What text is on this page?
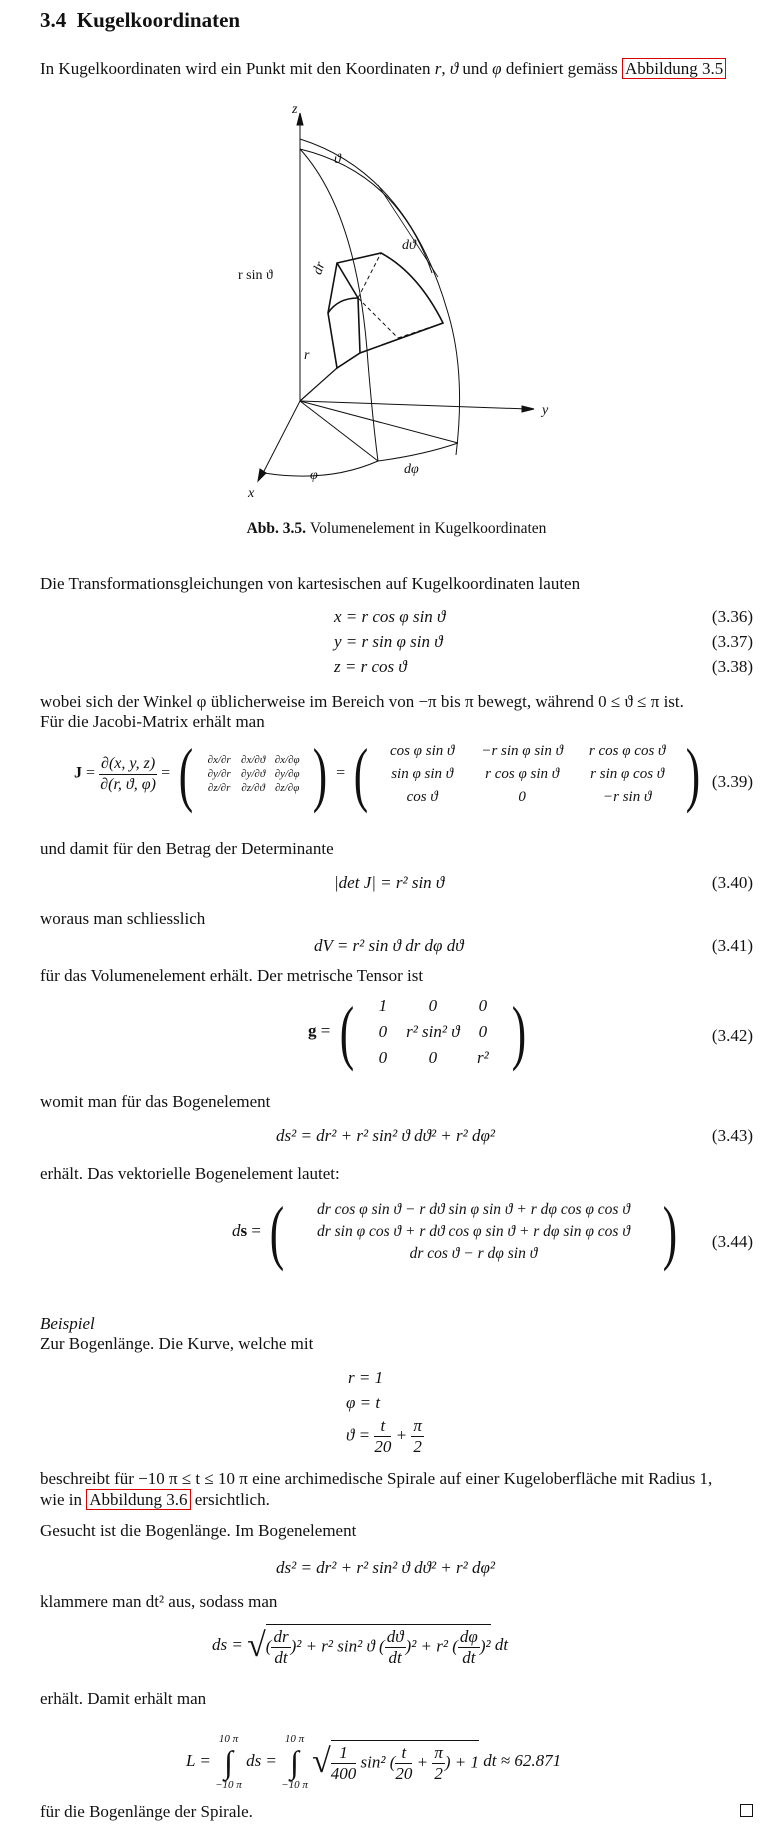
3.4 Kugelkoordinaten
In Kugelkoordinaten wird ein Punkt mit den Koordinaten r, ϑ und φ definiert gemäss Abbildung 3.5
z
y
x
ϑ
dϑ
dr
r
r sin ϑ
φ	dφ
Abb. 3.5. Volumenelement in Kugelkoordinaten
Die Transformationsgleichungen von kartesischen auf Kugelkoordinaten lauten
x = r cos φ sin ϑ	(3.36)
y = r sin φ sin ϑ	(3.37)
z = r cos ϑ	(3.38)
wobei sich der Winkel φ üblicherweise im Bereich von −π bis π bewegt, während 0 ≤ ϑ ≤ π ist.
Für die Jacobi-Matrix erhält man
$J = \frac{\partial(x, y, z)}{\partial(r, ϑ, \varphi)}$ = (	∂x/∂r ∂x/∂ϑ ∂x/∂φ
∂y/∂r ∂y/∂ϑ ∂y/∂φ
∂z/∂r ∂z/∂ϑ ∂z/∂φ ) = (	cos φ sin ϑ	−r sin φ sin ϑ	r cos φ cos ϑ
sin φ sin ϑ	r cos φ sin ϑ	r sin φ cos ϑ
cos ϑ	0	−r sin ϑ ) (3.39)
und damit für den Betrag der Determinante
|det J| = r² sin ϑ	(3.40)
woraus man schliesslich
dV = r² sin ϑ dr dφ dϑ	(3.41)
für das Volumenelement erhält. Der metrische Tensor ist
g = (	1	0	0
0	r² sin² ϑ	0
0	0	r² )	(3.42)
womit man für das Bogenelement
ds² = dr² + r² sin² ϑ dϑ² + r² dφ²	(3.43)
erhält. Das vektorielle Bogenelement lautet:
ds = (	dr cos φ sin ϑ − r dϑ sin φ sin ϑ + r dφ cos φ cos ϑ
dr sin φ cos ϑ + r dϑ cos φ sin ϑ + r dφ sin φ cos ϑ
dr cos ϑ − r dφ sin ϑ	) (3.44)
Beispiel
Zur Bogenlänge. Die Kurve, welche mit
r = 1
φ = t
$ϑ = \frac{t}{20} + \frac{\pi}{2}$
beschreibt für −10 π ≤ t ≤ 10 π eine archimedische Spirale auf einer Kugeloberfläche mit Radius 1,
wie in Abbildung 3.6 ersichtlich.
Gesucht ist die Bogenlänge. Im Bogenelement
ds² = dr² + r² sin² ϑ dϑ² + r² dφ²
klammere man dt² aus, sodass man
ds = √( $\frac{dr}{dt} )^2 + r^2$ sin² ϑ ( $\frac{dϑ}{dt} )^2 + r^2$ ( $\frac{d\varphi}{dt} )^2$ dt
erhält. Damit erhält man
L = 10 π
∫
−10 π ds = 10 π
∫
−10 π √ $\frac{1}{400} \sin^2$ ( $\frac{t}{20} + \frac{\pi}{2}$ ) + 1 dt ≈ 62.871
für die Bogenlänge der Spirale.
